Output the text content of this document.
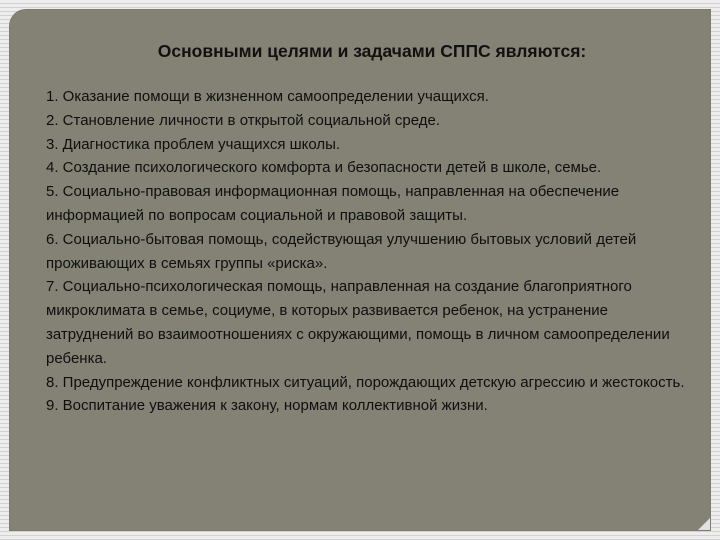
Основными целями и задачами СППС являются:
1. Оказание помощи в жизненном самоопределении учащихся.
2. Становление личности в открытой социальной среде.
3. Диагностика проблем учащихся школы.
4. Создание психологического комфорта и безопасности детей в школе, семье.
5. Социально-правовая информационная помощь, направленная на обеспечение информацией по вопросам социальной и правовой защиты.
6. Социально-бытовая помощь, содействующая улучшению бытовых условий детей проживающих в семьях группы «риска».
7. Социально-психологическая помощь, направленная на создание благоприятного микроклимата в семье, социуме, в которых развивается ребенок, на устранение затруднений во взаимоотношениях с окружающими, помощь в личном самоопределении ребенка.
8. Предупреждение конфликтных ситуаций, порождающих детскую агрессию и жестокость.
9. Воспитание уважения к закону, нормам коллективной жизни.
